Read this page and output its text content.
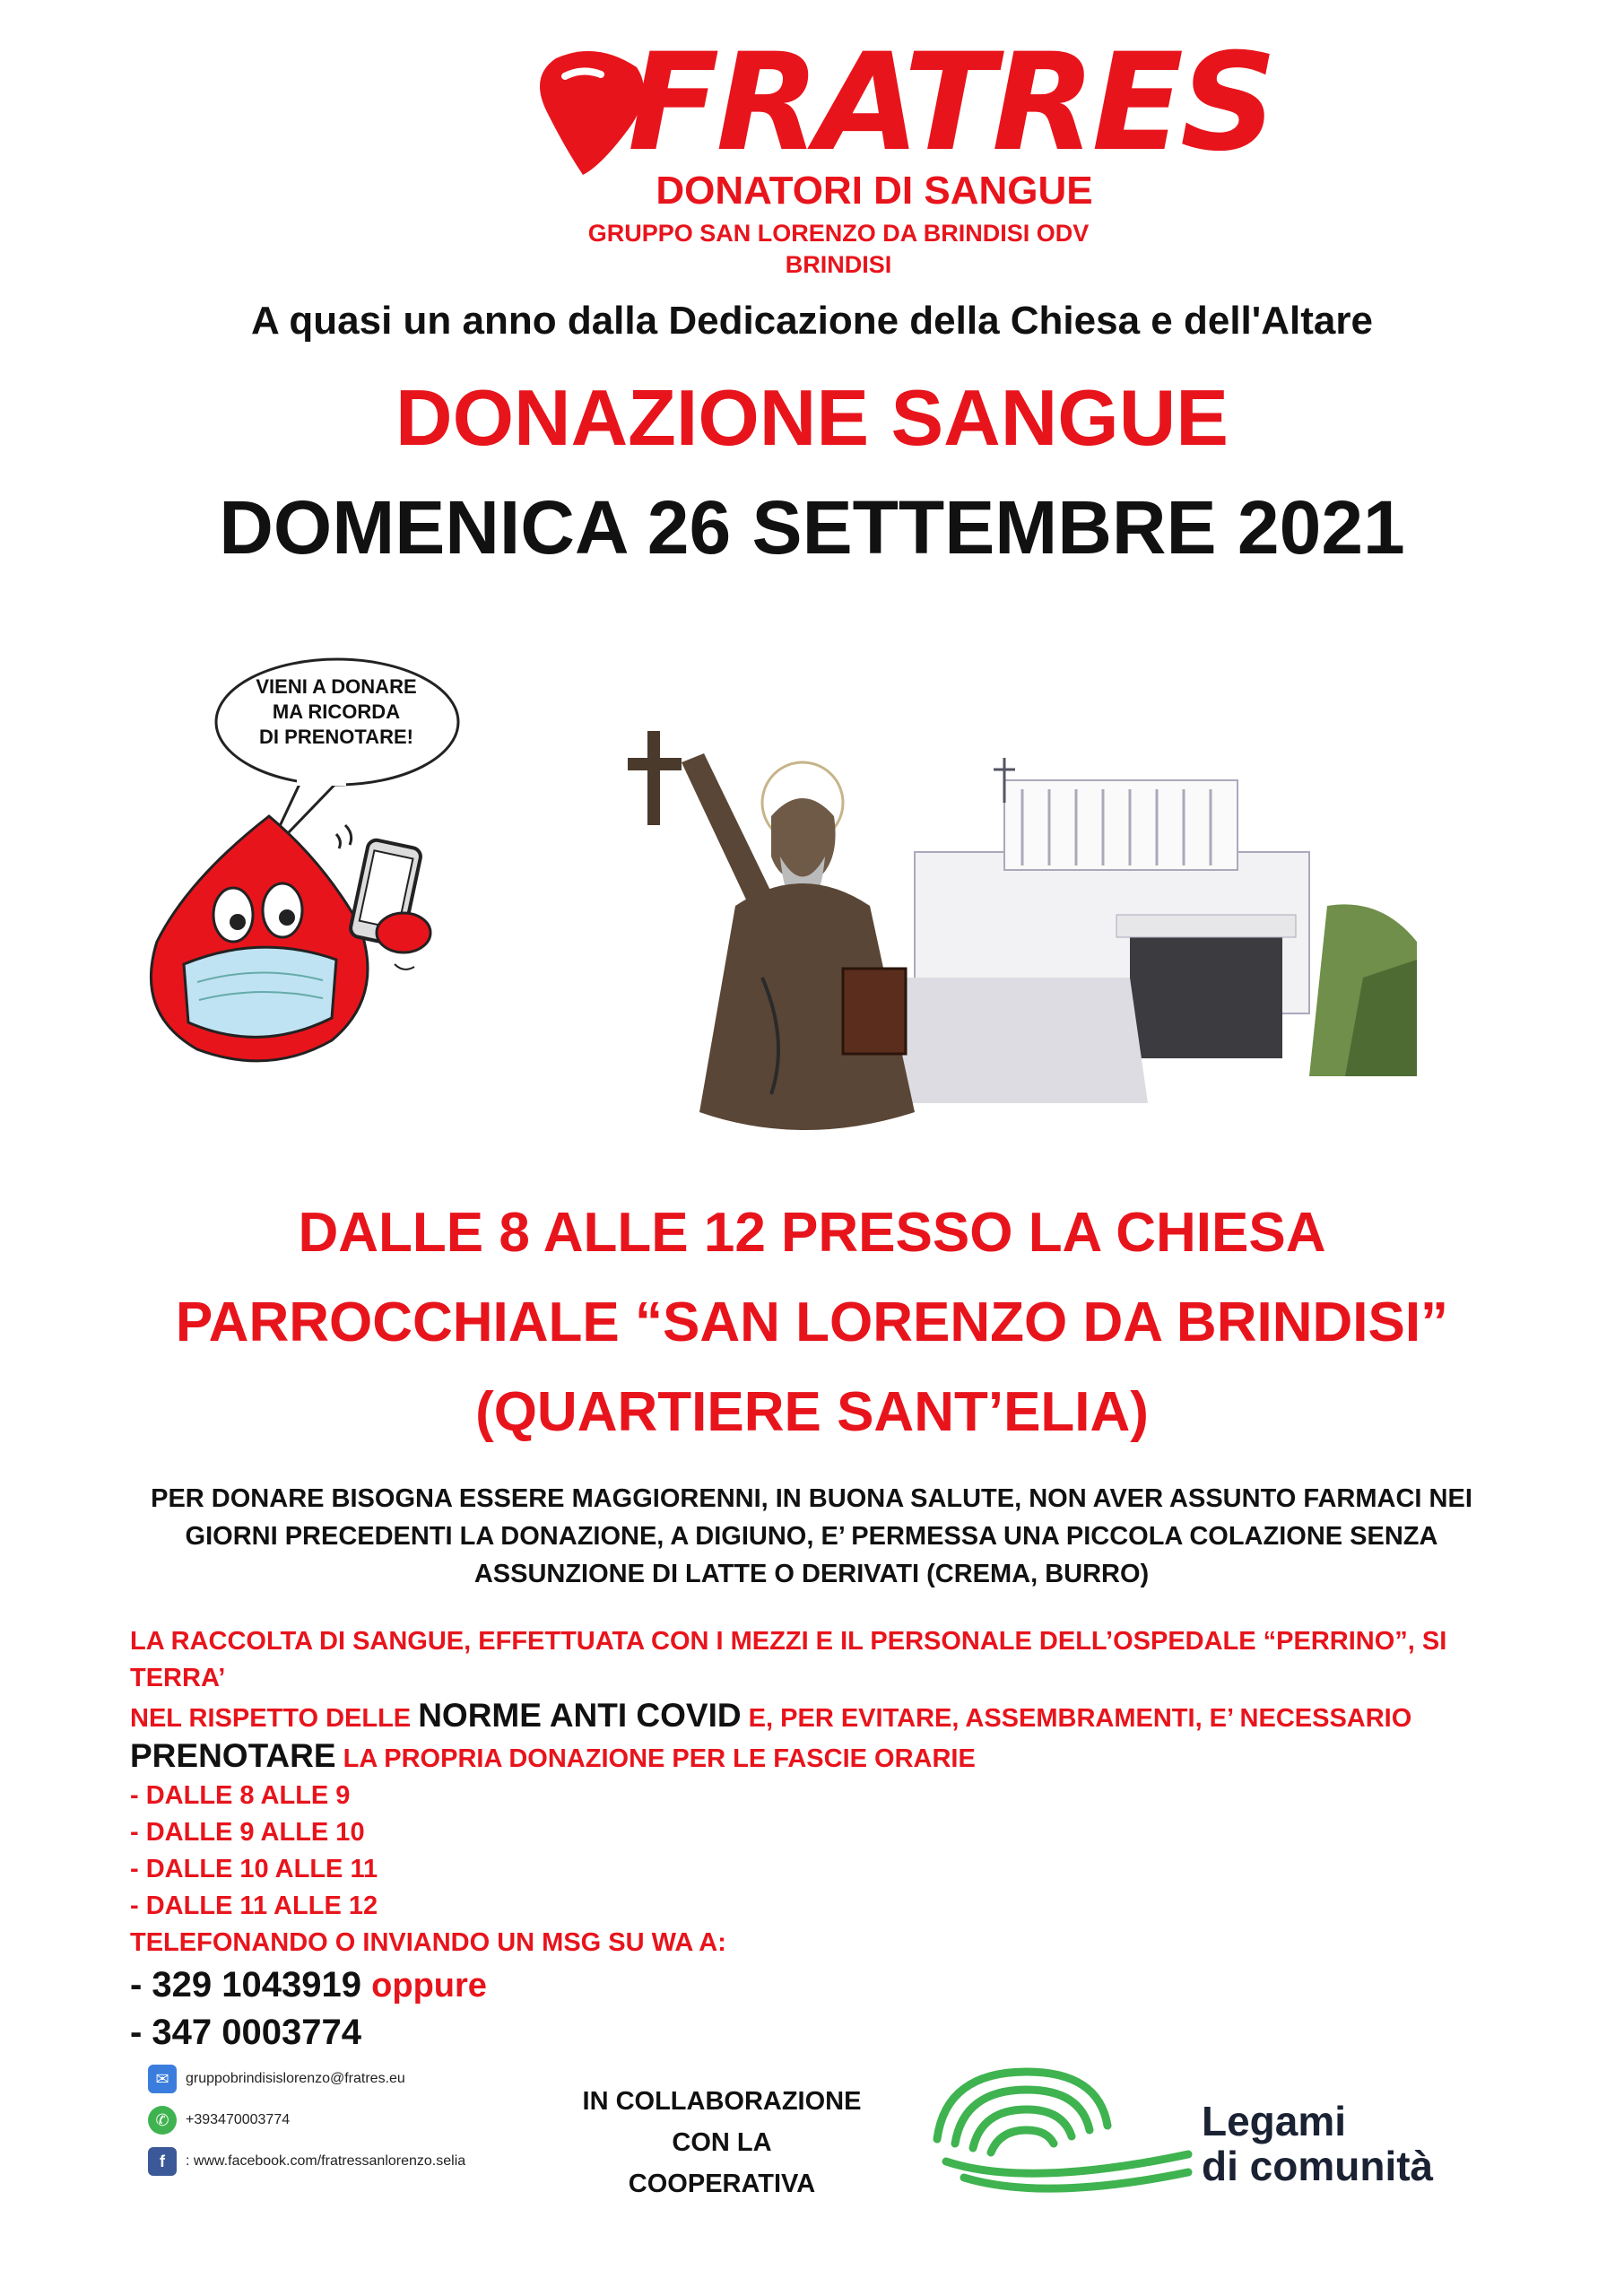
FRATRES
DONATORI DI SANGUE
GRUPPO SAN LORENZO DA BRINDISI ODV
BRINDISI
A quasi un anno dalla Dedicazione della Chiesa e dell'Altare
DONAZIONE SANGUE
DOMENICA 26 SETTEMBRE 2021
VIENI A DONARE
MA RICORDA
DI PRENOTARE!
DALLE 8 ALLE 12 PRESSO LA CHIESA
PARROCCHIALE “SAN LORENZO DA BRINDISI”
(QUARTIERE SANT’ELIA)
PER DONARE BISOGNA ESSERE MAGGIORENNI, IN BUONA SALUTE, NON AVER ASSUNTO FARMACI NEI
GIORNI PRECEDENTI LA DONAZIONE, A DIGIUNO, E’ PERMESSA UNA PICCOLA COLAZIONE SENZA
ASSUNZIONE DI LATTE O DERIVATI (CREMA, BURRO)
LA RACCOLTA DI SANGUE, EFFETTUATA CON I MEZZI E IL PERSONALE DELL’OSPEDALE “PERRINO”, SI TERRA’
NEL RISPETTO DELLE NORME ANTI COVID E, PER EVITARE, ASSEMBRAMENTI, E’ NECESSARIO
PRENOTARE LA PROPRIA DONAZIONE PER LE FASCIE ORARIE
- DALLE 8 ALLE 9
- DALLE 9 ALLE 10
- DALLE 10 ALLE 11
- DALLE 11 ALLE 12
TELEFONANDO O INVIANDO UN MSG SU WA A:
- 329 1043919 oppure
- 347 0003774
✉	gruppobrindisislorenzo@fratres.eu
✆	+393470003774
f	: www.facebook.com/fratressanlorenzo.selia
IN COLLABORAZIONE
CON LA
COOPERATIVA
Legami
di comunità
